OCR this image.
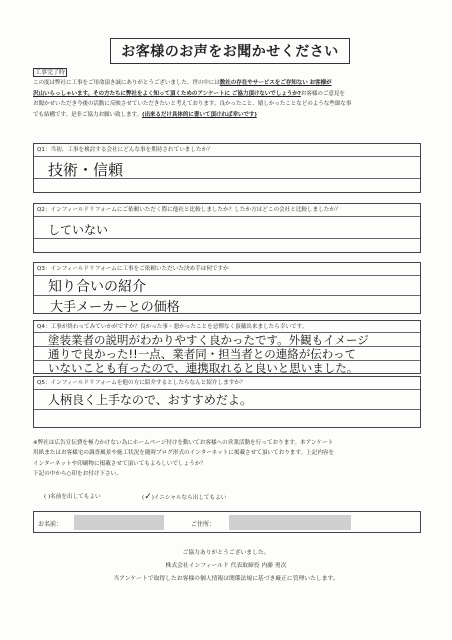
お客様のお声をお聞かせください
工事完了時

この度は弊社に工事をご用命頂き誠にありがとうございました。世の中には数社の存在やサービスをご存知ない お客様が

沢山いらっしゃいます。その方たちに弊社をよく知って頂くためのアンケートに ご協力頂けないでしょうか?お客様のご意見を

お聞かせいただき今後の活動に反映させていただきたいと考えております。良かったこと、嬉しかったことなどのような些細な事

でも結構です。是非ご協力お願い致します。(出来るだけ具体的に書いて頂ければ幸いです)

Q1：当初、工事を検討する会社にどんな事を期待されていましたか？
技術・信頼
Q2：インフィールドリフォームにご依頼いただく際に他社と比較しましたか？したか方はどこの会社と比較しましたか？
していない
Q3：インフィールドリフォームに工事をご依頼いただいた決め手は何ですか
知り合いの紹介
大手メーカーとの価格
Q4：工事が終わってみていかがですか？良かった事・悪かったことを忌憚なく頂戴出来ましたら幸いです。
塗装業者の説明がわかりやすく良かったです。外観もイメージ
通りで良かった!!一点、業者同・担当者との連絡が伝わって
いないことも有ったので、連携取れると良いと思いました。
Q5：インフィールドリフォームを他の方に紹介するとしたらなんと紹介しますか？
人柄良く上手なので、おすすめだよ。

※弊社は広告宣伝費を極力かけない為にホームページ付けを動いてお客様への営業活動を行っております。本アンケート

用紙またはお客様宅の調査風景や施工状況を随時ブログ形式のインターネットに掲載させて頂いております。上記内容を

インターネットや印刷物に掲載させて頂いてもよろしいでしょうか？

下記の中から○印をお付け下さい。

( )名前を出してもよい	(✓)イニシャルなら出してもよい
お名前：	ご住所：
ご協力ありがとうございました。
株式会社インフィールド 代表取締役 内藤 勇次
当アンケートで取得したお客様の個人情報は関係法規に基づき厳正に管理いたします。
